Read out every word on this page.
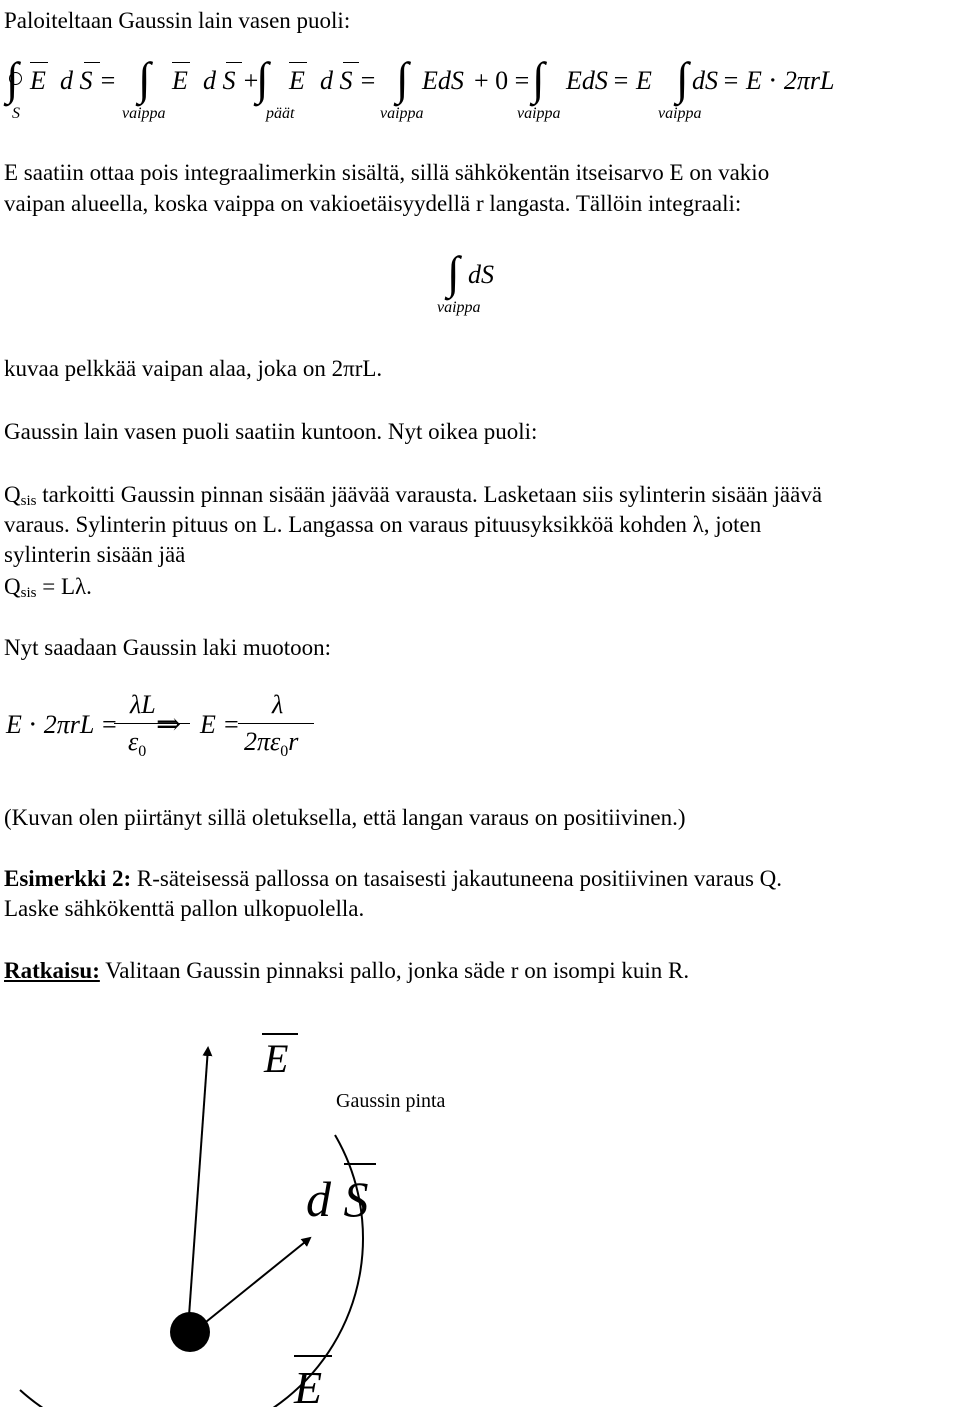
Paloiteltaan Gaussin lain vasen puoli:
∫ E d S =
S
∫ E d S +
vaippa
∫ E d S =
päät
∫ EdS + 0 =
vaippa
∫ EdS = E
vaippa
∫ dS = E ⋅ 2πrL
vaippa
E saatiin ottaa pois integraalimerkin sisältä, sillä sähkökentän itseisarvo E on vakio
vaipan alueella, koska vaippa on vakioetäisyydellä r langasta. Tällöin integraali:
∫ dS
vaippa
kuvaa pelkkää vaipan alaa, joka on 2πrL.
Gaussin lain vasen puoli saatiin kuntoon. Nyt oikea puoli:
Qsis tarkoitti Gaussin pinnan sisään jäävää varausta. Lasketaan siis sylinterin sisään jäävä
varaus. Sylinterin pituus on L. Langassa on varaus pituusyksikköä kohden λ, joten
sylinterin sisään jää
Qsis = Lλ.
Nyt saadaan Gaussin laki muotoon:
E ⋅ 2πrL =
λL
$\varepsilon_0$
⇒ E =
λ
$2\pi\varepsilon_0r$
(Kuvan olen piirtänyt sillä oletuksella, että langan varaus on positiivinen.)
Esimerkki 2: R-säteisessä pallossa on tasaisesti jakautuneena positiivinen varaus Q.
Laske sähkökenttä pallon ulkopuolella.
Ratkaisu: Valitaan Gaussin pinnaksi pallo, jonka säde r on isompi kuin R.
E
Gaussin pinta
d S
E
